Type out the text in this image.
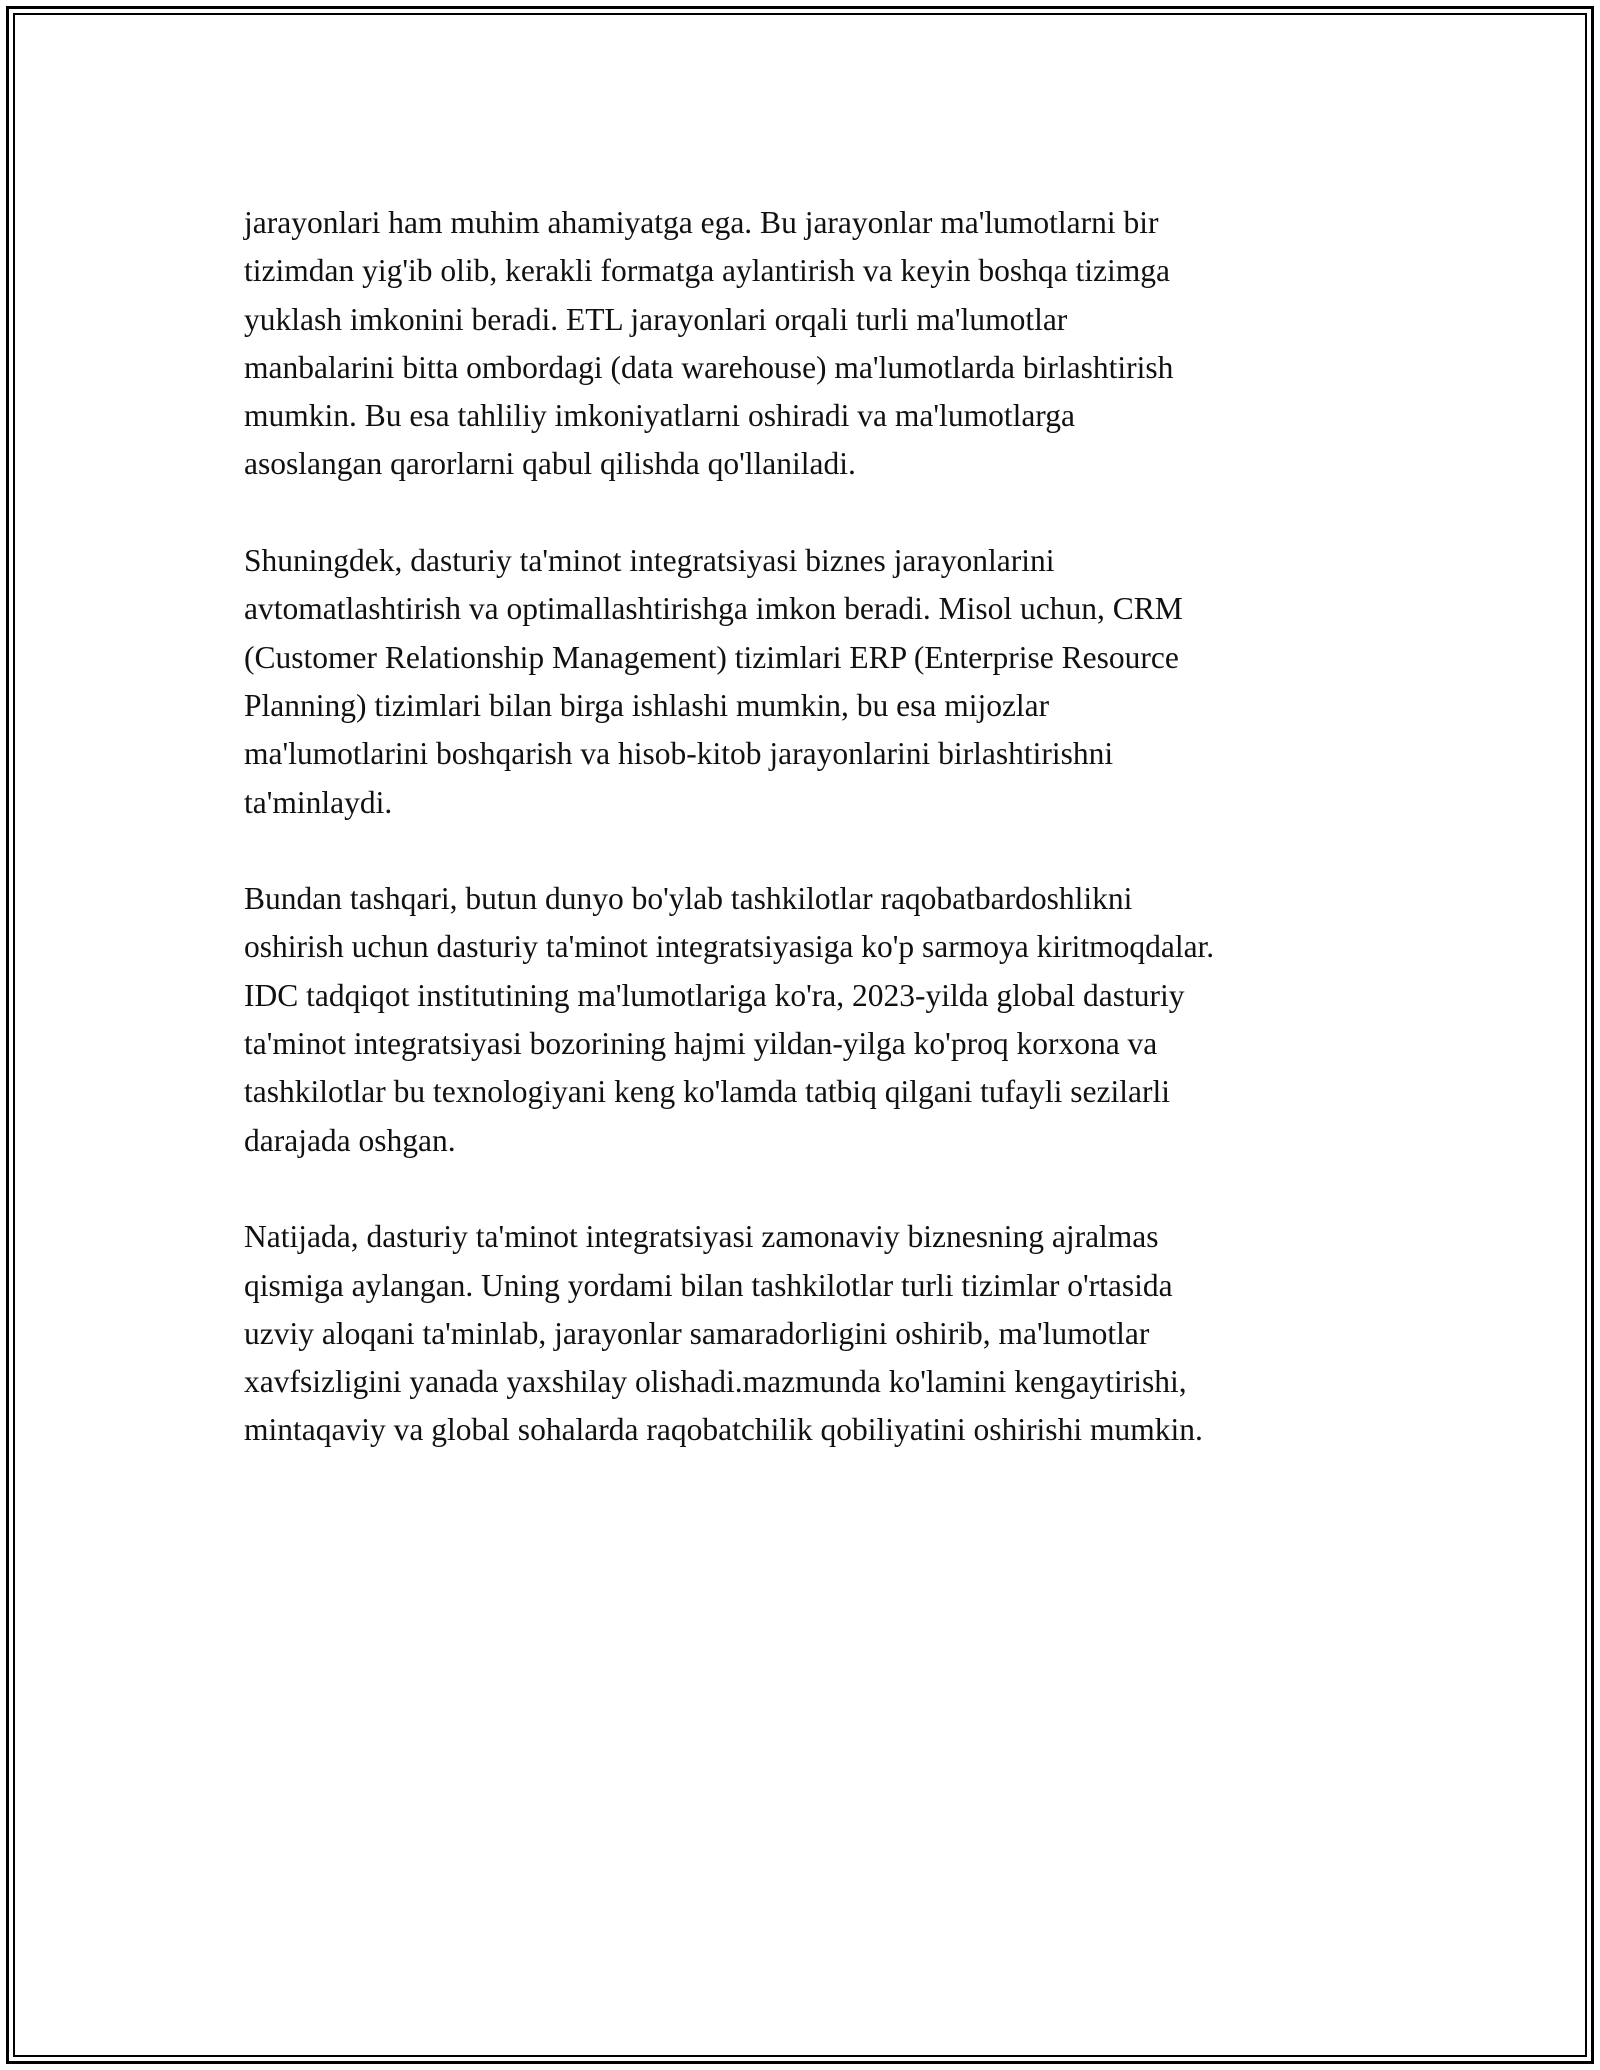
jarayonlari ham muhim ahamiyatga ega. Bu jarayonlar ma'lumotlarni bir
tizimdan yig'ib olib, kerakli formatga aylantirish va keyin boshqa tizimga
yuklash imkonini beradi. ETL jarayonlari orqali turli ma'lumotlar
manbalarini bitta ombordagi (data warehouse) ma'lumotlarda birlashtirish
mumkin. Bu esa tahliliy imkoniyatlarni oshiradi va ma'lumotlarga
asoslangan qarorlarni qabul qilishda qo'llaniladi.

Shuningdek, dasturiy ta'minot integratsiyasi biznes jarayonlarini
avtomatlashtirish va optimallashtirishga imkon beradi. Misol uchun, CRM
(Customer Relationship Management) tizimlari ERP (Enterprise Resource
Planning) tizimlari bilan birga ishlashi mumkin, bu esa mijozlar
ma'lumotlarini boshqarish va hisob-kitob jarayonlarini birlashtirishni
ta'minlaydi.

Bundan tashqari, butun dunyo bo'ylab tashkilotlar raqobatbardoshlikni
oshirish uchun dasturiy ta'minot integratsiyasiga ko'p sarmoya kiritmoqdalar.
IDC tadqiqot institutining ma'lumotlariga ko'ra, 2023-yilda global dasturiy
ta'minot integratsiyasi bozorining hajmi yildan-yilga ko'proq korxona va
tashkilotlar bu texnologiyani keng ko'lamda tatbiq qilgani tufayli sezilarli
darajada oshgan.

Natijada, dasturiy ta'minot integratsiyasi zamonaviy biznesning ajralmas
qismiga aylangan. Uning yordami bilan tashkilotlar turli tizimlar o'rtasida
uzviy aloqani ta'minlab, jarayonlar samaradorligini oshirib, ma'lumotlar
xavfsizligini yanada yaxshilay olishadi.mazmunda ko'lamini kengaytirishi,
mintaqaviy va global sohalarda raqobatchilik qobiliyatini oshirishi mumkin.
